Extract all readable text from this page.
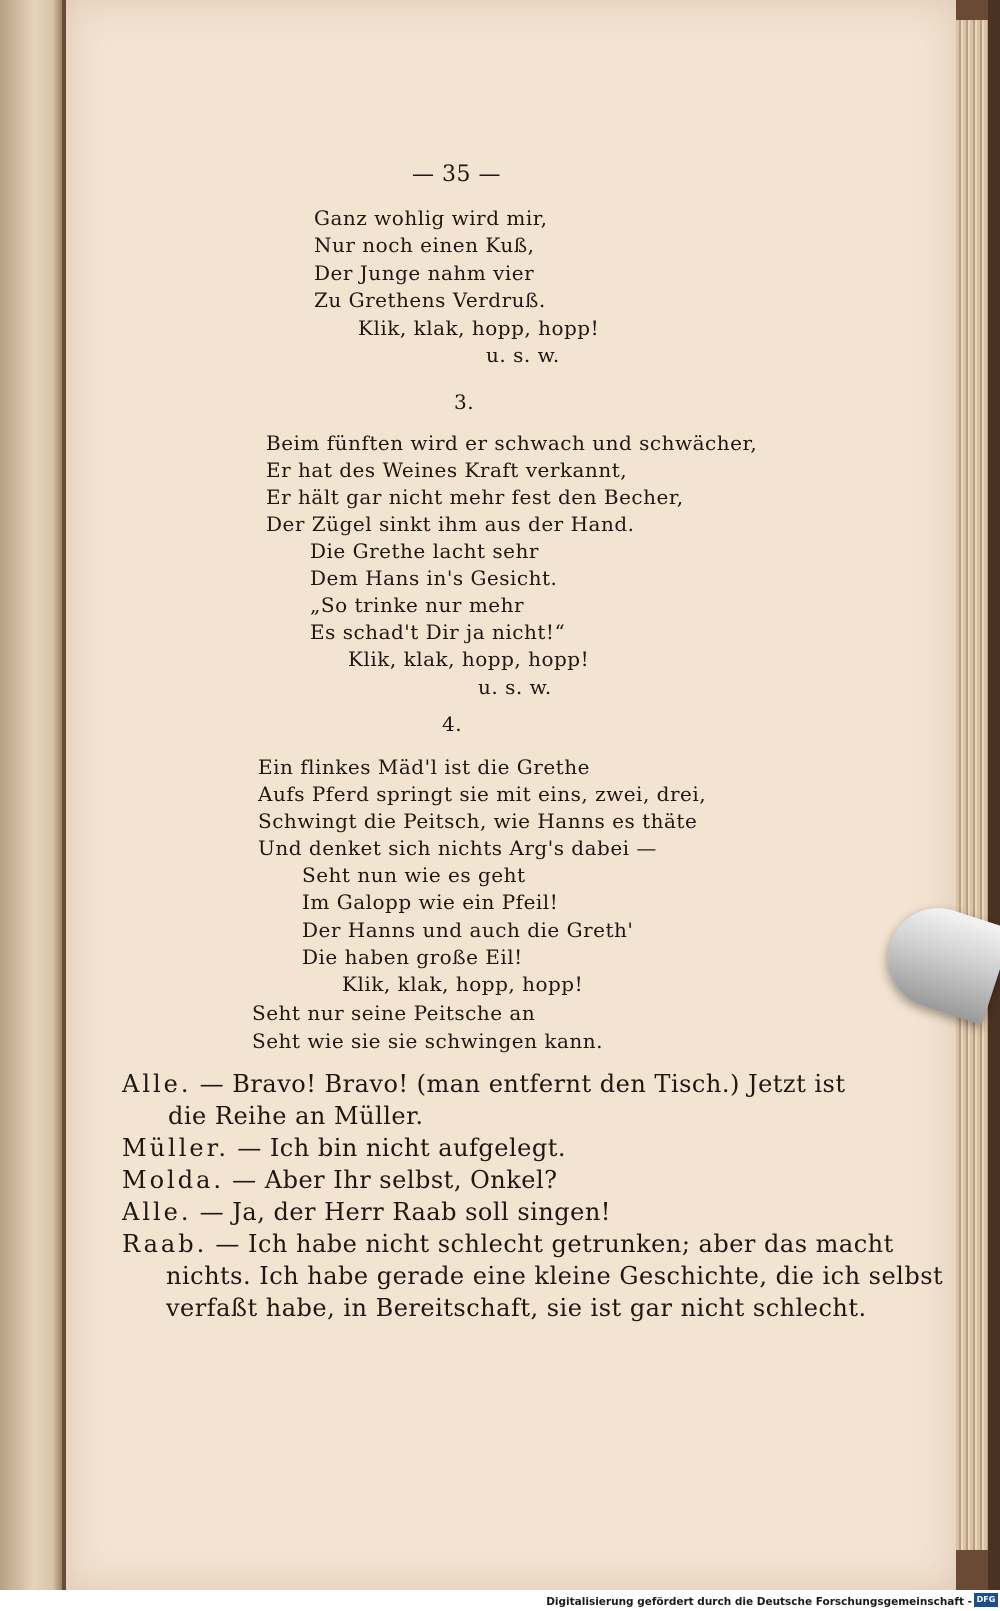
— 35 —
Ganz wohlig wird mir,
Nur noch einen Kuß,
Der Junge nahm vier
Zu Grethens Verdruß.
Klik, klak, hopp, hopp!
u. s. w.
3.
Beim fünften wird er schwach und schwächer,
Er hat des Weines Kraft verkannt,
Er hält gar nicht mehr fest den Becher,
Der Zügel sinkt ihm aus der Hand.
Die Grethe lacht sehr
Dem Hans in's Gesicht.
„So trinke nur mehr
Es schad't Dir ja nicht!“
Klik, klak, hopp, hopp!
u. s. w.
4.
Ein flinkes Mäd'l ist die Grethe
Aufs Pferd springt sie mit eins, zwei, drei,
Schwingt die Peitsch, wie Hanns es thäte
Und denket sich nichts Arg's dabei —
Seht nun wie es geht
Im Galopp wie ein Pfeil!
Der Hanns und auch die Greth'
Die haben große Eil!
Klik, klak, hopp, hopp!
Seht nur seine Peitsche an
Seht wie sie sie schwingen kann.
Alle. — Bravo! Bravo! (man entfernt den Tisch.) Jetzt ist
die Reihe an Müller.
Müller. — Ich bin nicht aufgelegt.
Molda. — Aber Ihr selbst, Onkel?
Alle. — Ja, der Herr Raab soll singen!
Raab. — Ich habe nicht schlecht getrunken; aber das macht
nichts. Ich habe gerade eine kleine Geschichte, die ich selbst
verfaßt habe, in Bereitschaft, sie ist gar nicht schlecht.
Digitalisierung gefördert durch die Deutsche Forschungsgemeinschaft - DFG
